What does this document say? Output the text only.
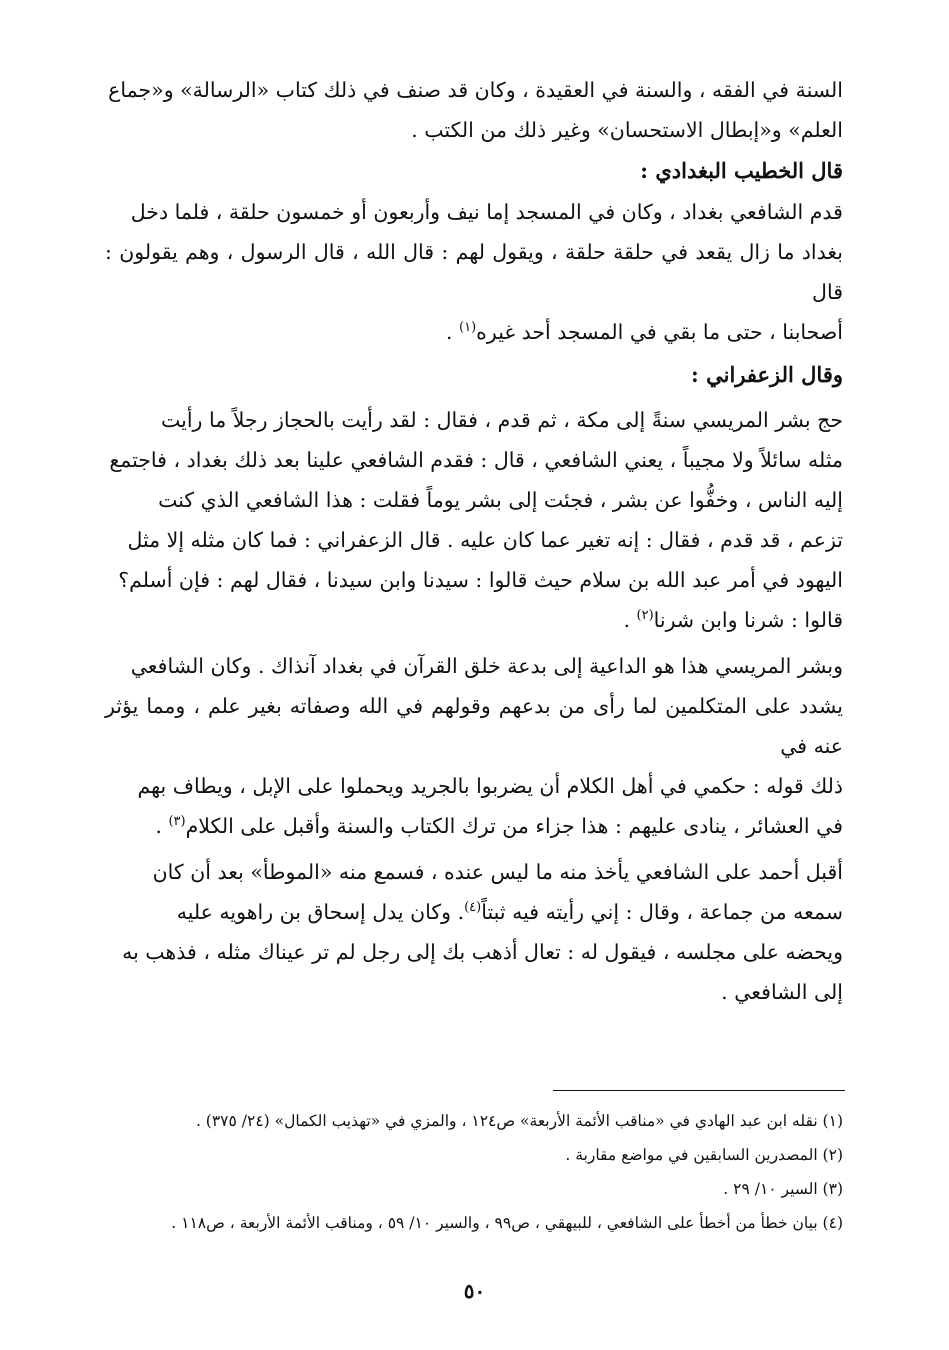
السنة في الفقه ، والسنة في العقيدة ، وكان قد صنف في ذلك كتاب «الرسالة» و«جماع
العلم» و«إبطال الاستحسان» وغير ذلك من الكتب .

قال الخطيب البغدادي :

قدم الشافعي بغداد ، وكان في المسجد إما نيف وأربعون أو خمسون حلقة ، فلما دخل
بغداد ما زال يقعد في حلقة حلقة ، ويقول لهم : قال الله ، قال الرسول ، وهم يقولون : قال
أصحابنا ، حتى ما بقي في المسجد أحد غيره$^{(١)}$ .

وقال الزعفراني :

حج بشر المريسي سنةً إلى مكة ، ثم قدم ، فقال : لقد رأيت بالحجاز رجلاً ما رأيت
مثله سائلاً ولا مجيباً ، يعني الشافعي ، قال : فقدم الشافعي علينا بعد ذلك بغداد ، فاجتمع
إليه الناس ، وخفُّوا عن بشر ، فجئت إلى بشر يوماً فقلت : هذا الشافعي الذي كنت
تزعم ، قد قدم ، فقال : إنه تغير عما كان عليه . قال الزعفراني : فما كان مثله إلا مثل
اليهود في أمر عبد الله بن سلام حيث قالوا : سيدنا وابن سيدنا ، فقال لهم : فإن أسلم؟
قالوا : شرنا وابن شرنا$^{(٢)}$ .

وبشر المريسي هذا هو الداعية إلى بدعة خلق القرآن في بغداد آنذاك . وكان الشافعي
يشدد على المتكلمين لما رأى من بدعهم وقولهم في الله وصفاته بغير علم ، ومما يؤثر عنه في
ذلك قوله : حكمي في أهل الكلام أن يضربوا بالجريد ويحملوا على الإبل ، ويطاف بهم
في العشائر ، ينادى عليهم : هذا جزاء من ترك الكتاب والسنة وأقبل على الكلام$^{(٣)}$ .

أقبل أحمد على الشافعي يأخذ منه ما ليس عنده ، فسمع منه «الموطأ» بعد أن كان
سمعه من جماعة ، وقال : إني رأيته فيه ثبتاً$^{(٤)}$. وكان يدل إسحاق بن راهويه عليه
ويحضه على مجلسه ، فيقول له : تعال أذهب بك إلى رجل لم تر عيناك مثله ، فذهب به
إلى الشافعي .

(١) نقله ابن عبد الهادي في «مناقب الأئمة الأربعة» ص١٢٤ ، والمزي في «تهذيب الكمال» (٢٤/ ٣٧٥) .

(٢) المصدرين السابقين في مواضع مقاربة .

(٣) السير ١٠/ ٢٩ .

(٤) بيان خطأ من أخطأ على الشافعي ، للبيهقي ، ص٩٩ ، والسير ١٠/ ٥٩ ، ومناقب الأئمة الأربعة ، ص١١٨ .

٥٠
